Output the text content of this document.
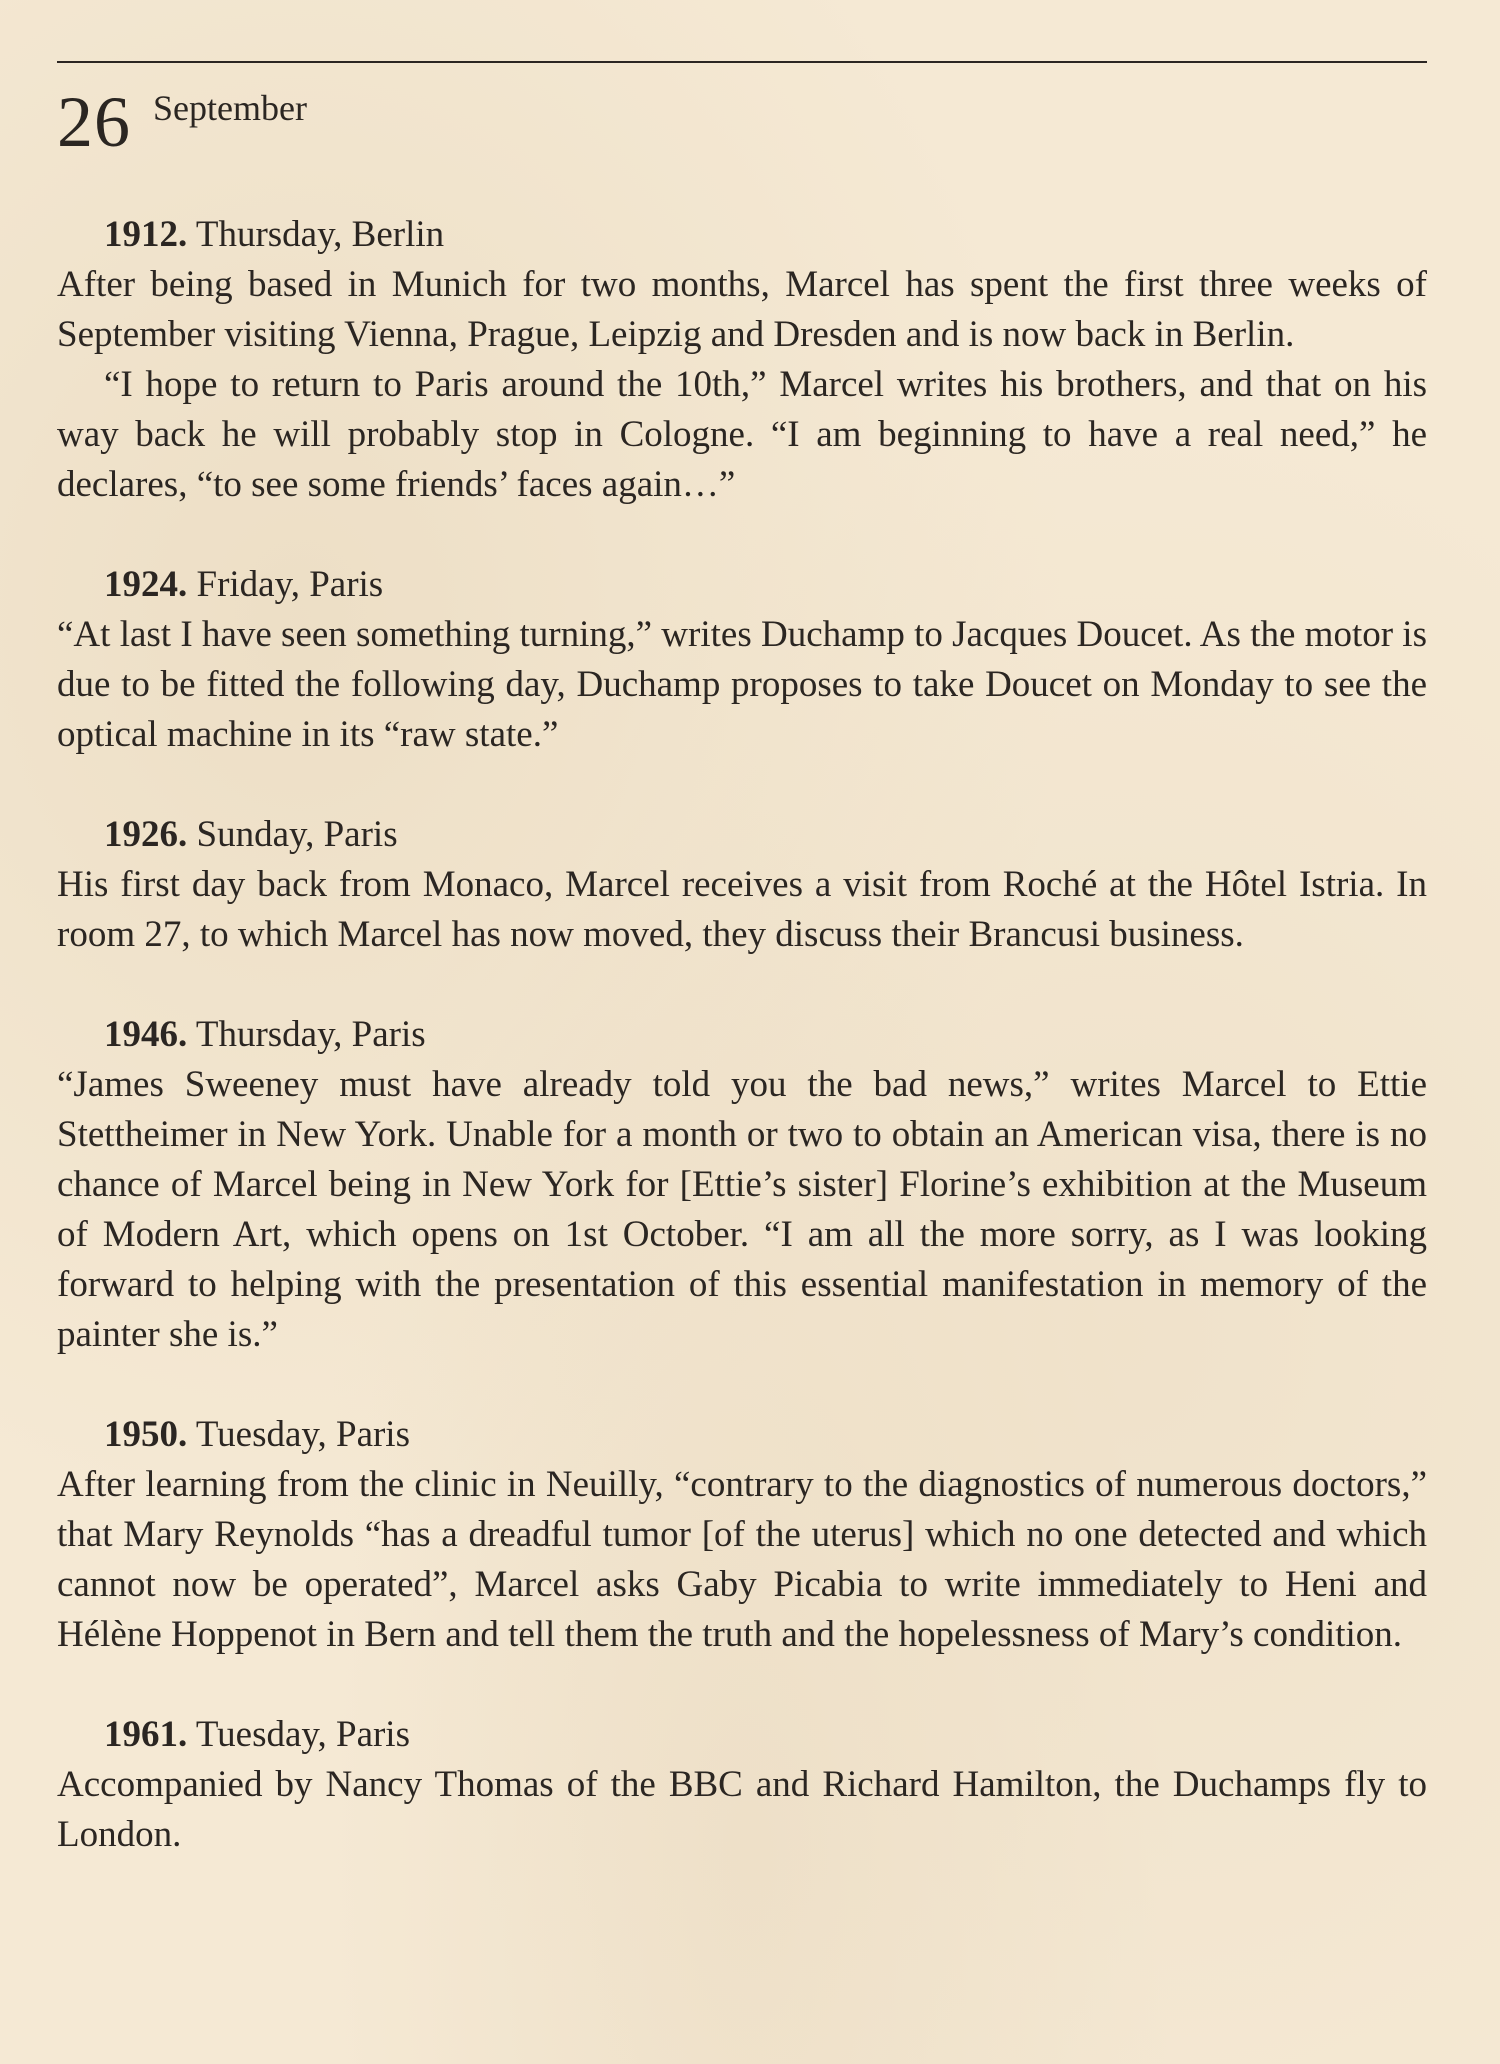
26 September
1912. Thursday, Berlin

After being based in Munich for two months, Marcel has spent the first three weeks of September visiting Vienna, Prague, Leipzig and Dresden and is now back in Berlin.

“I hope to return to Paris around the 10th,” Marcel writes his brothers, and that on his way back he will probably stop in Cologne. “I am beginning to have a real need,” he declares, “to see some friends’ faces again…”

1924. Friday, Paris

“At last I have seen something turning,” writes Duchamp to Jacques Doucet. As the motor is due to be fitted the following day, Duchamp proposes to take Doucet on Monday to see the optical machine in its “raw state.”

1926. Sunday, Paris

His first day back from Monaco, Marcel receives a visit from Roché at the Hôtel Istria. In room 27, to which Marcel has now moved, they discuss their Brancusi business.

1946. Thursday, Paris

“James Sweeney must have already told you the bad news,” writes Marcel to Ettie Stettheimer in New York. Unable for a month or two to obtain an American visa, there is no chance of Marcel being in New York for [Ettie’s sister] Florine’s exhibition at the Museum of Modern Art, which opens on 1st October. “I am all the more sorry, as I was looking forward to helping with the presentation of this essential manifestation in memory of the painter she is.”

1950. Tuesday, Paris

After learning from the clinic in Neuilly, “contrary to the diagnostics of numerous doctors,” that Mary Reynolds “has a dreadful tumor [of the uterus] which no one detected and which cannot now be operated”, Marcel asks Gaby Picabia to write immediately to Heni and Hélène Hoppenot in Bern and tell them the truth and the hopelessness of Mary’s condition.

1961. Tuesday, Paris

Accompanied by Nancy Thomas of the BBC and Richard Hamilton, the Duchamps fly to London.
